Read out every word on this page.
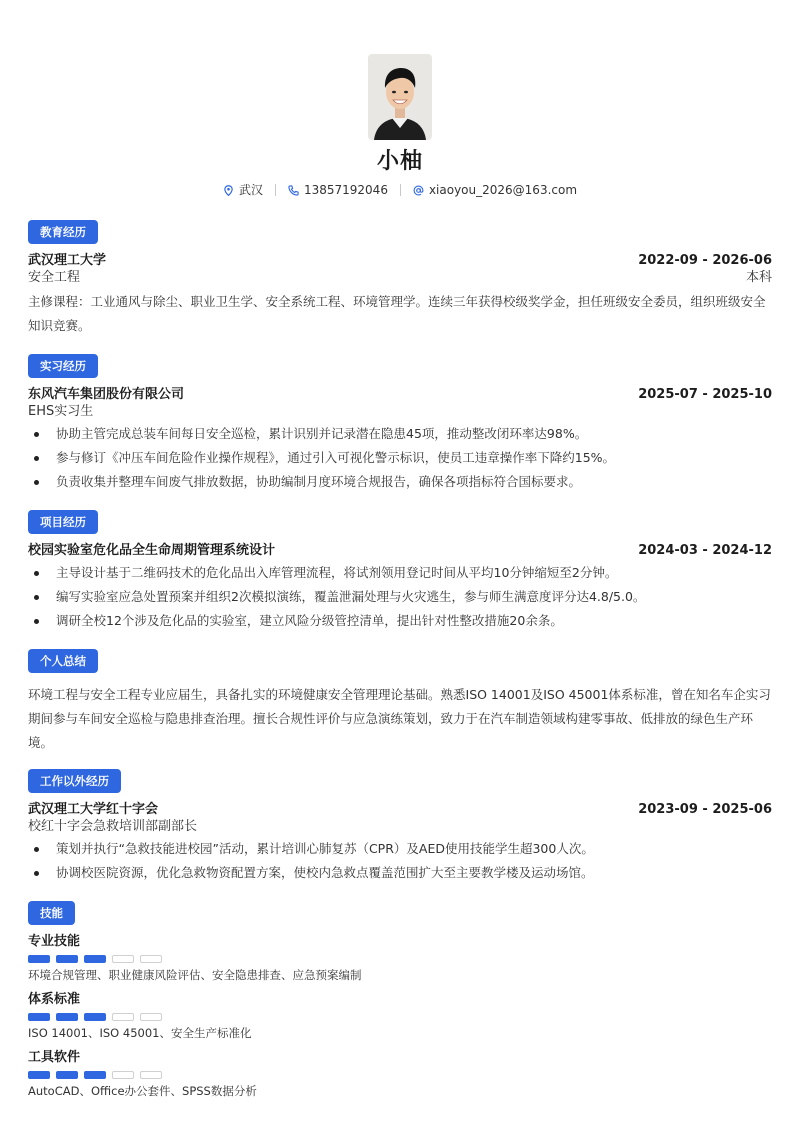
小柚
武汉	13857192046	xiaoyou_2026@163.com
教育经历
武汉理工大学	2022-09 - 2026-06
安全工程	本科
主修课程：工业通风与除尘、职业卫生学、安全系统工程、环境管理学。连续三年获得校级奖学金，担任班级安全委员，组织班级安全知识竞赛。
实习经历
东风汽车集团股份有限公司	2025-07 - 2025-10
EHS实习生
协助主管完成总装车间每日安全巡检，累计识别并记录潜在隐患45项，推动整改闭环率达98%。
参与修订《冲压车间危险作业操作规程》，通过引入可视化警示标识，使员工违章操作率下降约15%。
负责收集并整理车间废气排放数据，协助编制月度环境合规报告，确保各项指标符合国标要求。
项目经历
校园实验室危化品全生命周期管理系统设计	2024-03 - 2024-12
主导设计基于二维码技术的危化品出入库管理流程，将试剂领用登记时间从平均10分钟缩短至2分钟。
编写实验室应急处置预案并组织2次模拟演练，覆盖泄漏处理与火灾逃生，参与师生满意度评分达4.8/5.0。
调研全校12个涉及危化品的实验室，建立风险分级管控清单，提出针对性整改措施20余条。
个人总结
环境工程与安全工程专业应届生，具备扎实的环境健康安全管理理论基础。熟悉ISO 14001及ISO 45001体系标准，曾在知名车企实习期间参与车间安全巡检与隐患排查治理。擅长合规性评价与应急演练策划，致力于在汽车制造领域构建零事故、低排放的绿色生产环境。
工作以外经历
武汉理工大学红十字会	2023-09 - 2025-06
校红十字会急救培训部副部长
策划并执行“急救技能进校园”活动，累计培训心肺复苏（CPR）及AED使用技能学生超300人次。
协调校医院资源，优化急救物资配置方案，使校内急救点覆盖范围扩大至主要教学楼及运动场馆。
技能
专业技能
环境合规管理、职业健康风险评估、安全隐患排查、应急预案编制
体系标准
ISO 14001、ISO 45001、安全生产标准化
工具软件
AutoCAD、Office办公套件、SPSS数据分析
